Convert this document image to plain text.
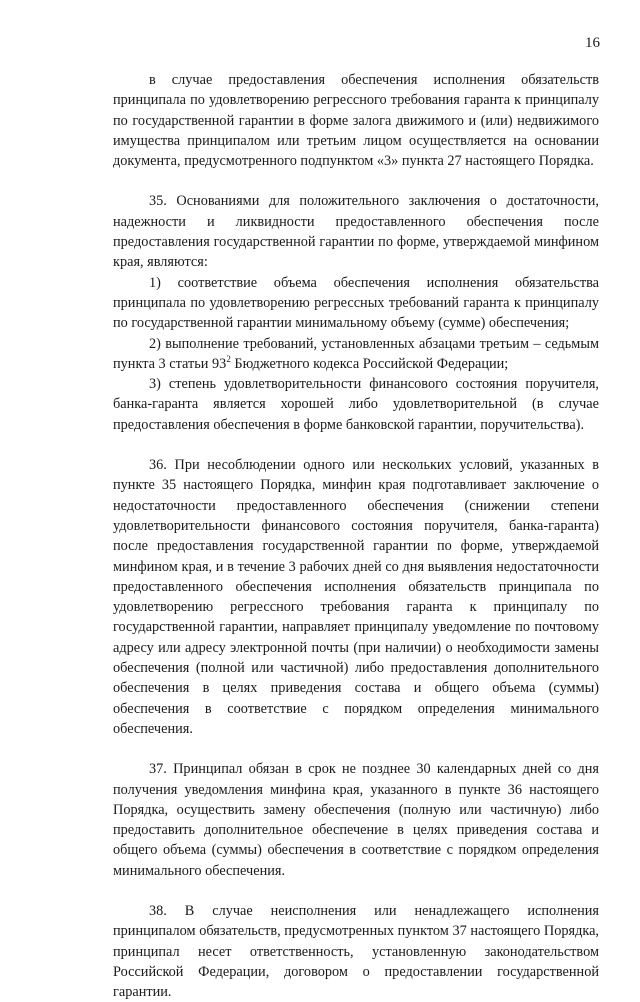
16

в случае предоставления обеспечения исполнения обязательств принципала по удовлетворению регрессного требования гаранта к принципалу по государственной гарантии в форме залога движимого и (или) недвижимого имущества принципалом или третьим лицом осуществляется на основании документа, предусмотренного подпунктом «3» пункта 27 настоящего Порядка.

35. Основаниями для положительного заключения о достаточности, надежности и ликвидности предоставленного обеспечения после предоставления государственной гарантии по форме, утверждаемой минфином края, являются:

1) соответствие объема обеспечения исполнения обязательства принципала по удовлетворению регрессных требований гаранта к принципалу по государственной гарантии минимальному объему (сумме) обеспечения;

2) выполнение требований, установленных абзацами третьим – седьмым пункта 3 статьи $93^2$ Бюджетного кодекса Российской Федерации;

3) степень удовлетворительности финансового состояния поручителя, банка-гаранта является хорошей либо удовлетворительной (в случае предоставления обеспечения в форме банковской гарантии, поручительства).

36. При несоблюдении одного или нескольких условий, указанных в пункте 35 настоящего Порядка, минфин края подготавливает заключение о недостаточности предоставленного обеспечения (снижении степени удовлетворительности финансового состояния поручителя, банка-гаранта) после предоставления государственной гарантии по форме, утверждаемой минфином края, и в течение 3 рабочих дней со дня выявления недостаточности предоставленного обеспечения исполнения обязательств принципала по удовлетворению регрессного требования гаранта к принципалу по государственной гарантии, направляет принципалу уведомление по почтовому адресу или адресу электронной почты (при наличии) о необходимости замены обеспечения (полной или частичной) либо предоставления дополнительного обеспечения в целях приведения состава и общего объема (суммы) обеспечения в соответствие с порядком определения минимального обеспечения.

37. Принципал обязан в срок не позднее 30 календарных дней со дня получения уведомления минфина края, указанного в пункте 36 настоящего Порядка, осуществить замену обеспечения (полную или частичную) либо предоставить дополнительное обеспечение в целях приведения состава и общего объема (суммы) обеспечения в соответствие с порядком определения минимального обеспечения.

38. В случае неисполнения или ненадлежащего исполнения принципалом обязательств, предусмотренных пунктом 37 настоящего Порядка, принципал несет ответственность, установленную законодательством Российской Федерации, договором о предоставлении государственной гарантии.
